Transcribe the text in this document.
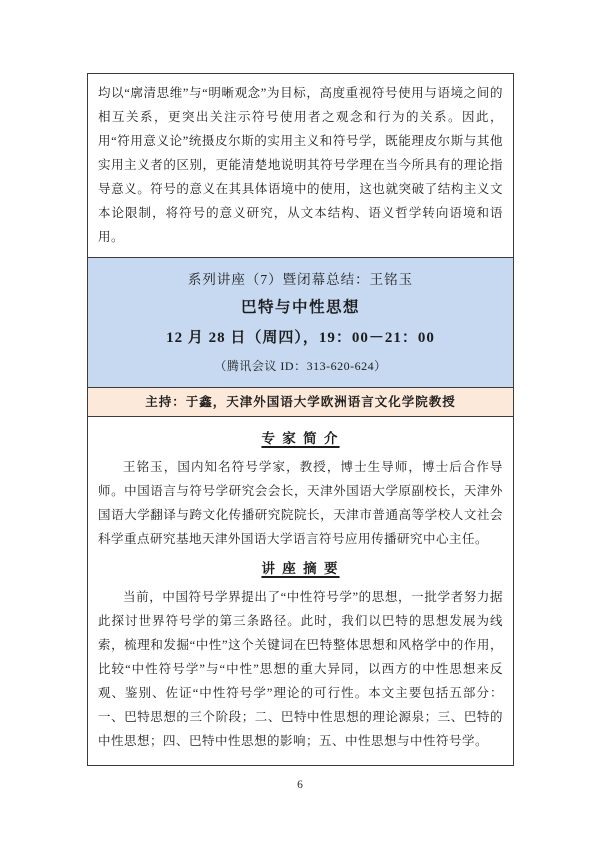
均以“廓清思维”与“明晰观念”为目标，高度重视符号使用与语境之间的相互关系，更突出关注示符号使用者之观念和行为的关系。因此，用“符用意义论”统摄皮尔斯的实用主义和符号学，既能理皮尔斯与其他实用主义者的区别，更能清楚地说明其符号学理在当今所具有的理论指导意义。符号的意义在其具体语境中的使用，这也就突破了结构主义文本论限制，将符号的意义研究，从文本结构、语义哲学转向语境和语用。
系列讲座（7）暨闭幕总结：王铭玉
巴特与中性思想
12 月 28 日（周四），19：00－21：00
（腾讯会议 ID：313-620-624）
主持：于鑫，天津外国语大学欧洲语言文化学院教授
专 家 简 介
王铭玉，国内知名符号学家，教授，博士生导师，博士后合作导师。中国语言与符号学研究会会长，天津外国语大学原副校长，天津外国语大学翻译与跨文化传播研究院院长，天津市普通高等学校人文社会科学重点研究基地天津外国语大学语言符号应用传播研究中心主任。
讲 座 摘 要
当前，中国符号学界提出了“中性符号学”的思想，一批学者努力据此探讨世界符号学的第三条路径。此时，我们以巴特的思想发展为线索，梳理和发掘“中性”这个关键词在巴特整体思想和风格学中的作用，比较“中性符号学”与“中性”思想的重大异同，以西方的中性思想来反观、鉴别、佐证“中性符号学”理论的可行性。本文主要包括五部分：一、巴特思想的三个阶段；二、巴特中性思想的理论源泉；三、巴特的中性思想；四、巴特中性思想的影响；五、中性思想与中性符号学。
6
